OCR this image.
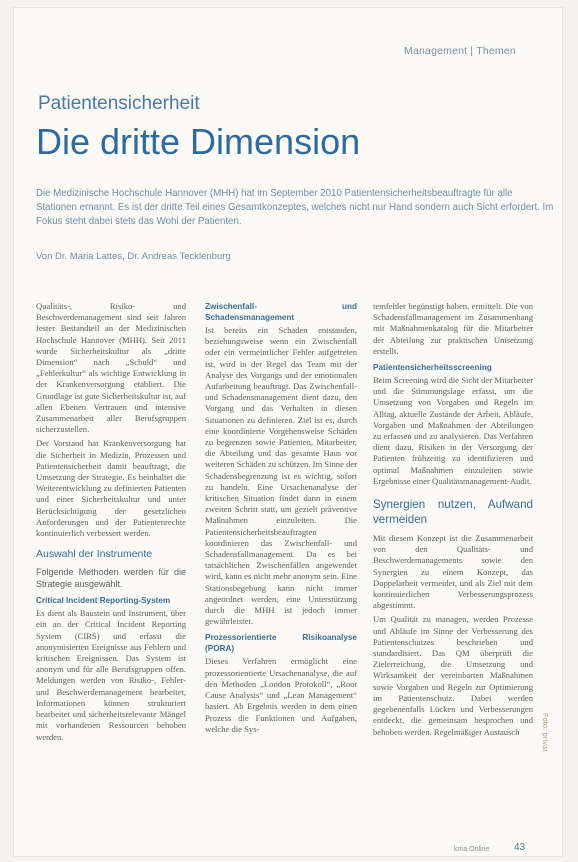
Management | Themen
Patientensicherheit
Die dritte Dimension

Die Medizinische Hochschule Hannover (MHH) hat im September 2010 Patientensicherheitsbeauftragte für alle Stationen ernannt. Es ist der dritte Teil eines Gesamtkonzeptes, welches nicht nur Hand sondern auch Sicht erfordert. Im Fokus steht dabei stets das Wohl der Patienten.

Von Dr. Maria Lattes, Dr. Andreas Tecklenburg

Qualitäts-, Risiko- und Beschwerdemanagement sind seit Jahren fester Bestandteil an der Medizinischen Hochschule Hannover (MHH). Seit 2011 wurde Sicherheitskultur als „dritte Dimension“ nach „Schuld“ und „Fehlerkultur“ als wichtige Entwicklung in der Krankenversorgung etabliert. Die Grundlage ist gute Sicherheitskultur ist, auf allen Ebenen Vertrauen und intensive Zusammenarbeit aller Berufsgruppen sicherzustellen.

Der Vorstand hat Krankenversorgung hat die Sicherheit in Medizin, Prozessen und Patientensicherheit damit beauftragt, die Umsetzung der Strategie. Es beinhaltet die Weiterentwicklung zu definierten Patienten und einer Sicherheitskultur und unter Berücksichtigung der gesetzlichen Anforderungen und der Patientenrechte kontinuierlich verbessert werden.

Auswahl der Instrumente

Folgende Methoden werden für die Strategie ausgewählt.

Critical Incident Reporting-System

Es dient als Baustein und Instrument, über ein an der Critical Incident Reporting System (CIRS) und erfasst die anonymisierten Ereignisse aus Fehlern und kritischen Ereignissen. Das System ist anonym und für alle Berufsgruppen offen. Meldungen werden von Risiko-, Fehler- und Beschwerdemanagement bearbeitet, Informationen können strukturiert bearbeitet und sicherheitsrelevante Mängel mit vorhandenen Ressourcen behoben werden.

Zwischenfall- und Schadensmanagement

Ist bereits ein Schaden entstanden, beziehungsweise wenn ein Zwischenfall oder ein vermeintlicher Fehler aufgetreten ist, wird in der Regel das Team mit der Analyse des Vorgangs und der emotionalen Aufarbeitung beauftragt. Das Zwischenfall- und Schadensmanagement dient dazu, den Vorgang und das Verhalten in diesen Situationen zu definieren. Ziel ist es, durch eine koordinierte Vorgehensweise Schäden zu begrenzen sowie Patienten, Mitarbeiter, die Abteilung und das gesamte Haus vor weiteren Schäden zu schützen. Im Sinne der Schadensbegrenzung ist es wichtig, sofort zu handeln. Eine Ursachenanalyse der kritischen Situation findet dann in einem zweiten Schritt statt, um gezielt präventive Maßnahmen einzuleiten. Die Patientensicherheitsbeauftragten koordinieren das Zwischenfall- und Schadensfallmanagement. Da es bei tatsächlichen Zwischenfällen angewendet wird, kann es nicht mehr anonym sein. Eine Stationsbegehung kann nicht immer angeordnet werden, eine Unterstützung durch die MHH ist jedoch immer gewährleistet.

Prozessorientierte Risikoanalyse (PORA)

Dieses Verfahren ermöglicht eine prozessorientierte Ursachenanalyse, die auf den Methoden „London Protokoll“, „Root Cause Analysis“ und „Lean Management“ basiert. Ab Ergebnis werden in dem einen Prozess die Funktionen und Aufgaben, welche die Sys-

temfehler begünstigt haben, ermittelt. Die von Schadensfallmanagement im Zusammenhang mit Maßnahmenkatalog für die Mitarbeiter der Abteilung zur praktischen Umsetzung erstellt.

Patientensicherheitsscreening

Beim Screening wird die Sicht der Mitarbeiter und die Stimmungslage erfasst, um die Umsetzung von Vorgaben und Regeln im Alltag, aktuelle Zustände der Arbeit, Abläufe, Vorgaben und Maßnahmen der Abteilungen zu erfassen und zu analysieren. Das Verfahren dient dazu, Risiken in der Versorgung der Patienten frühzeitig zu identifizieren und optimal Maßnahmen einzuleiten sowie Ergebnisse einer Qualitätsmanagement-Audit.

Synergien nutzen, Aufwand vermeiden

Mit diesem Konzept ist die Zusammenarbeit von den Qualitäts- und Beschwerdemanagements sowie den Synergien zu einem Konzept, das Doppelarbeit vermeidet, und als Ziel mit dem kontinuierlichen Verbesserungsprozess abgestimmt.

Um Qualität zu managen, werden Prozesse und Abläufe im Sinne der Verbesserung des Patientenschutzes beschrieben und standardisiert. Das QM überprüft die Zielerreichung, die Umsetzung und Wirksamkeit der vereinbarten Maßnahmen sowie Vorgaben und Regeln zur Optimierung im Patientenschutz. Dabei werden gegebenenfalls Lücken und Verbesserungen entdeckt, die gemeinsam besprochen und behoben werden. Regelmäßiger Austausch	Foto: privat
kma Online 43
